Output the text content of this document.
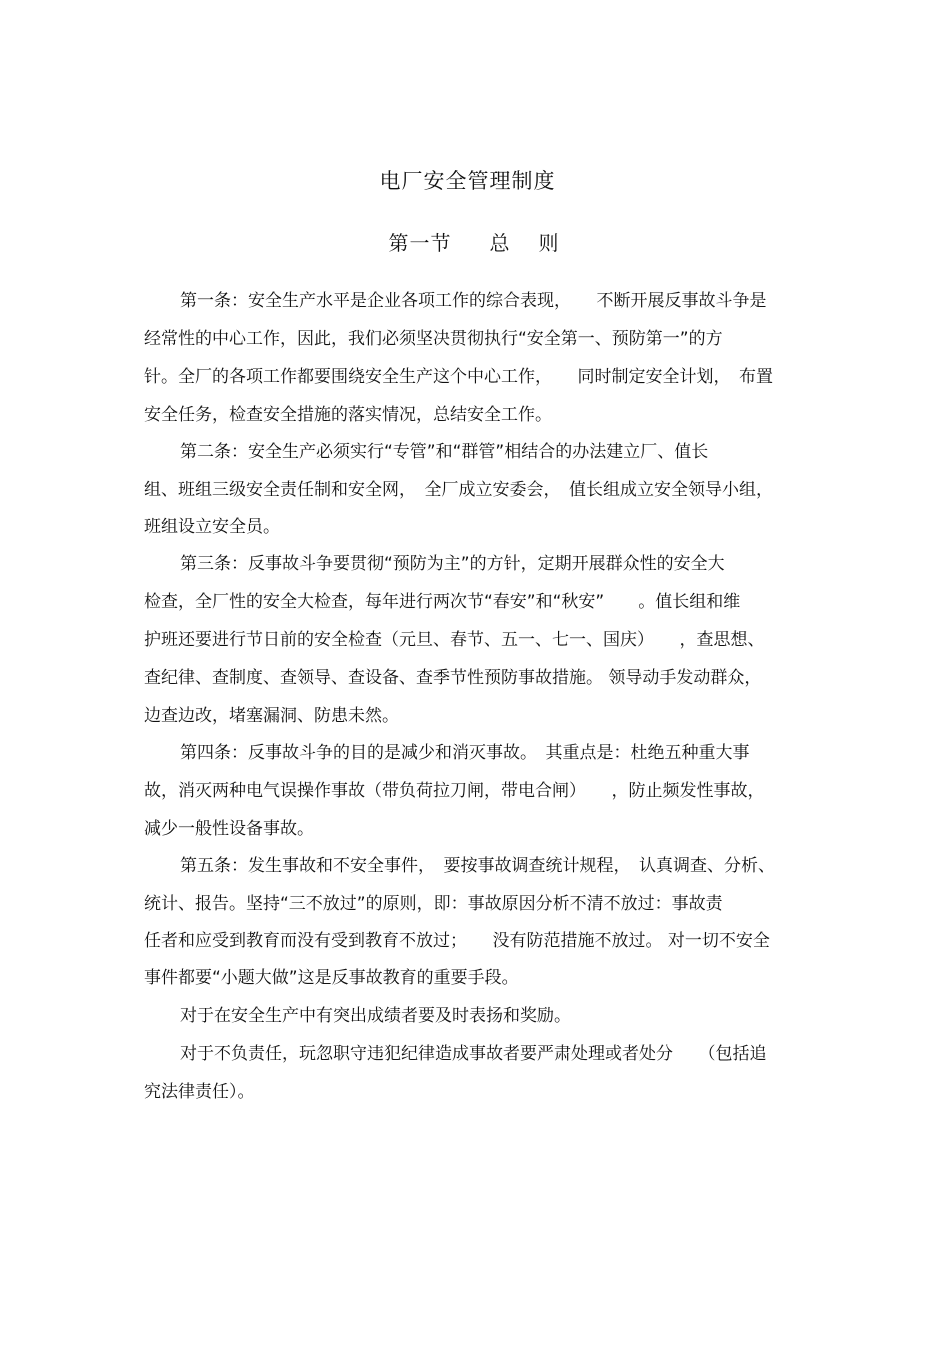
电厂安全管理制度
第一节 总 则
第一条：安全生产水平是企业各项工作的综合表现，　　不断开展反事故斗争是
经常性的中心工作，因此，我们必须坚决贯彻执行“安全第一、预防第一”的方
针。全厂的各项工作都要围绕安全生产这个中心工作，　　同时制定安全计划，　布置
安全任务，检查安全措施的落实情况，总结安全工作。
第二条：安全生产必须实行“专管”和“群管”相结合的办法建立厂、值长
组、班组三级安全责任制和安全网，　全厂成立安委会，　值长组成立安全领导小组，
班组设立安全员。
第三条：反事故斗争要贯彻“预防为主”的方针，定期开展群众性的安全大
检查，全厂性的安全大检查，每年进行两次节“春安”和“秋安”　　。值长组和维
护班还要进行节日前的安全检查（元旦、春节、五一、七一、国庆）　　，查思想、
查纪律、查制度、查领导、查设备、查季节性预防事故措施。 领导动手发动群众，
边查边改，堵塞漏洞、防患未然。
第四条：反事故斗争的目的是减少和消灭事故。　其重点是：杜绝五种重大事
故，消灭两种电气误操作事故（带负荷拉刀闸，带电合闸）　　，防止频发性事故，
减少一般性设备事故。
第五条：发生事故和不安全事件，　要按事故调查统计规程，　认真调查、分析、
统计、报告。坚持“三不放过”的原则，即：事故原因分析不清不放过：事故责
任者和应受到教育而没有受到教育不放过；　　没有防范措施不放过。 对一切不安全
事件都要“小题大做”这是反事故教育的重要手段。
对于在安全生产中有突出成绩者要及时表扬和奖励。
对于不负责任，玩忽职守违犯纪律造成事故者要严肃处理或者处分　　（包括追
究法律责任）。
